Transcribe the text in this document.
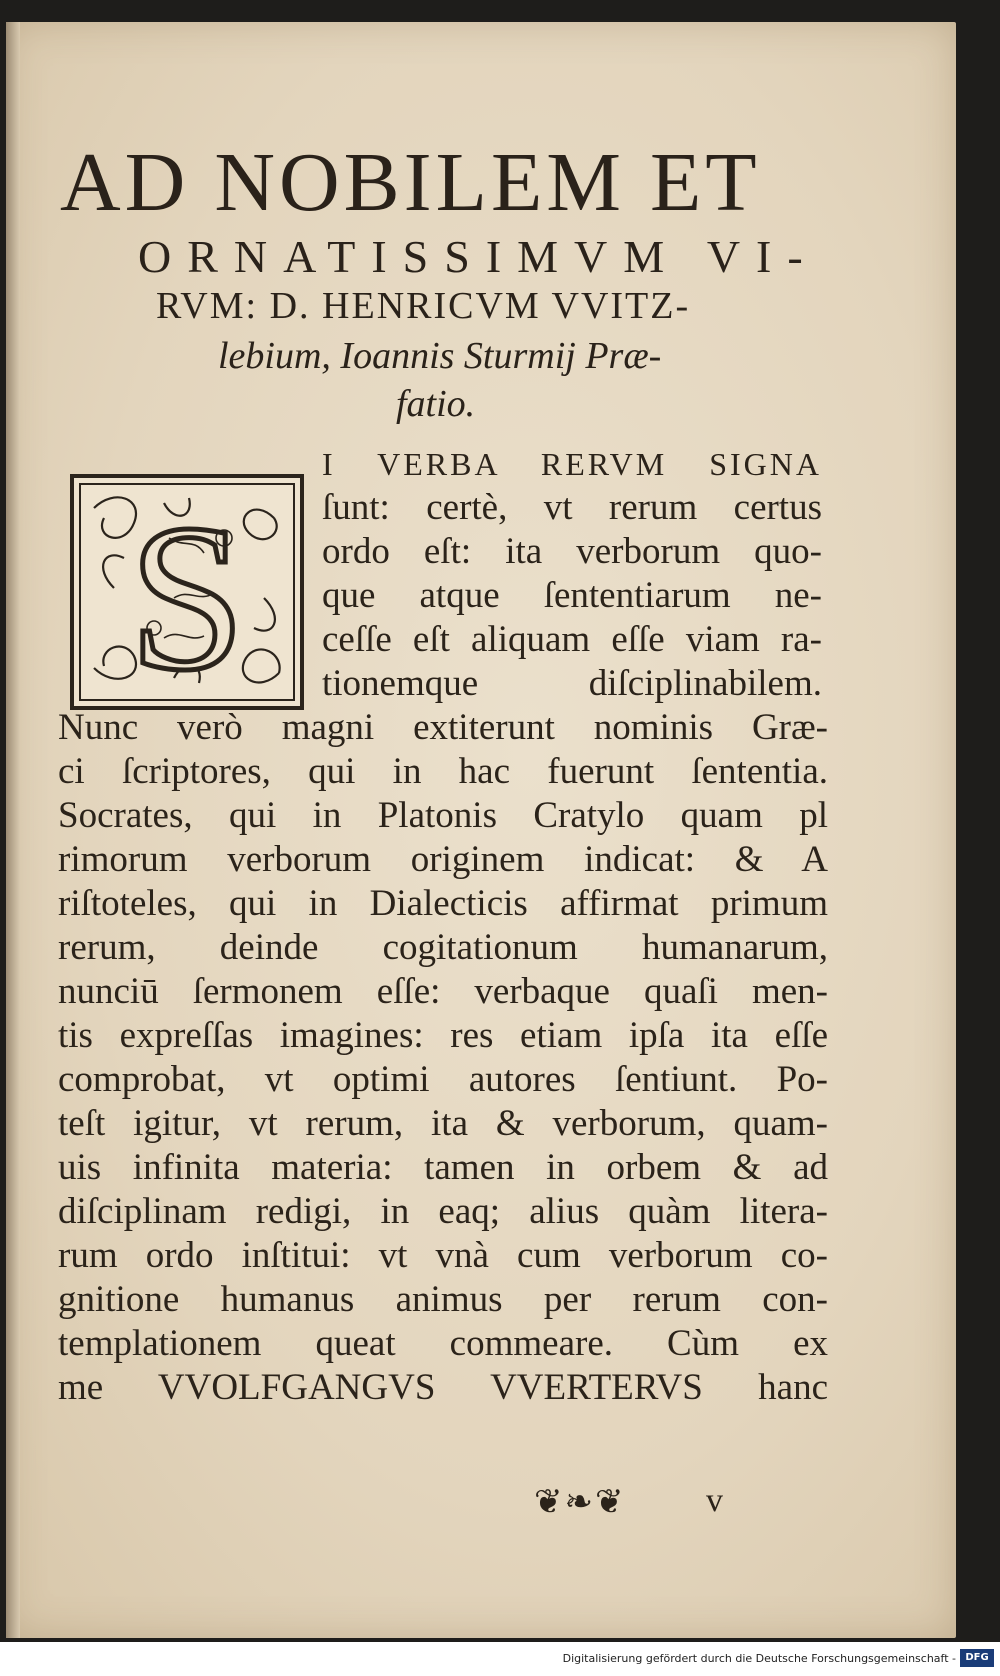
AD NOBILEM ET
ORNATISSIMVM VI-
RVM: D. HENRICVM VVITZ-
lebium, Ioannis Sturmij Præ-
fatio.
S
I VERBA RERVM SIGNA
ſunt: certè, vt rerum certus
ordo eſt: ita verborum quo-
que atque ſententiarum ne-
ceſſe eſt aliquam eſſe viam ra-
tionemque diſciplinabilem.
Nunc verò magni extiterunt nominis Græ-
ci ſcriptores, qui in hac fuerunt ſententia.
Socrates, qui in Platonis Cratylo quam pl
rimorum verborum originem indicat: & A
riſtoteles, qui in Dialecticis affirmat primum
rerum, deinde cogitationum humanarum,
nunciū ſermonem eſſe: verbaque quaſi men-
tis expreſſas imagines: res etiam ipſa ita eſſe
comprobat, vt optimi autores ſentiunt. Po-
teſt igitur, vt rerum, ita & verborum, quam-
uis infinita materia: tamen in orbem & ad
diſciplinam redigi, in eaq; alius quàm litera-
rum ordo inſtitui: vt vnà cum verborum co-
gnitione humanus animus per rerum con-
templationem queat commeare. Cùm ex
me VVOLFGANGVS VVERTERVS hanc
❦❧❦ v
Digitalisierung gefördert durch die Deutsche Forschungsgemeinschaft - DFG
